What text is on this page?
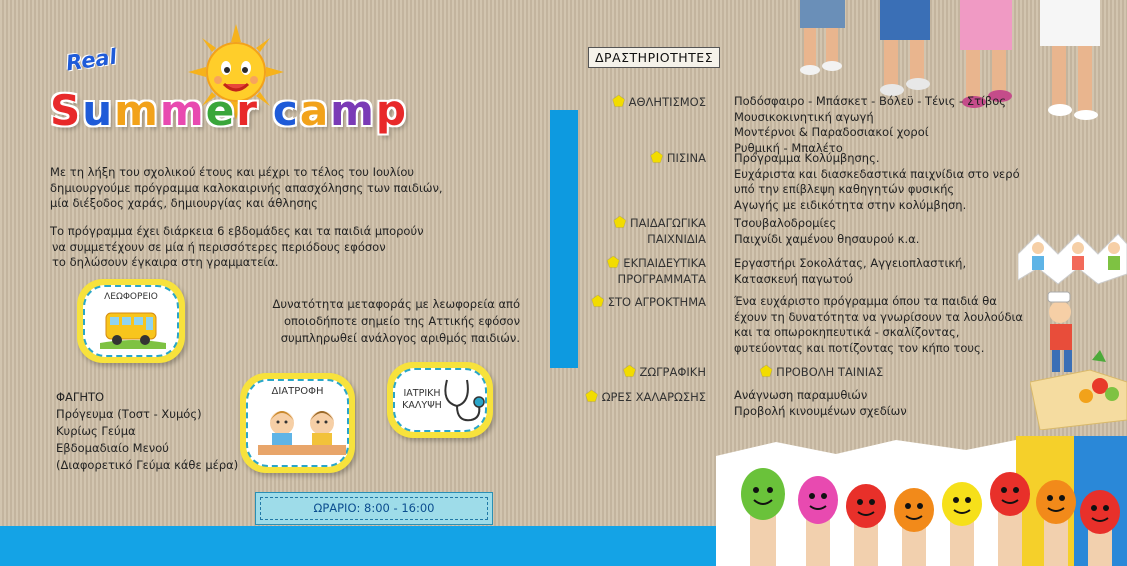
Real
Summer camp
Με τη λήξη του σχολικού έτους και μέχρι το τέλος του Ιουλίου
δημιουργούμε πρόγραμμα καλοκαιρινής απασχόλησης των παιδιών,
μία διέξοδος χαράς, δημιουργίας και άθλησης
Το πρόγραμμα έχει διάρκεια 6 εβδομάδες και τα παιδιά μπορούν
να συμμετέχουν σε μία ή περισσότερες περιόδους εφόσον
το δηλώσουν έγκαιρα στη γραμματεία.
ΛΕΩΦΟΡΕΙΟ	Δυνατότητα μεταφοράς με λεωφορεία από
οποιοδήποτε σημείο της Αττικής εφόσον
συμπληρωθεί ανάλογος αριθμός παιδιών.
ΦΑΓΗΤΟ
Πρόγευμα (Τοστ - Χυμός)
Κυρίως Γεύμα
Εβδομαδιαίο Μενού
(Διαφορετικό Γεύμα κάθε μέρα)
ΔΙΑΤΡΟΦΗ	ΙΑΤΡΙΚΗ
ΚΑΛΥΨΗ
ΩΡΑΡΙΟ: 8:00 - 16:00
ΔΡΑΣΤΗΡΙΟΤΗΤΕΣ
⬟ ΑΘΛΗΤΙΣΜΟΣ
⬟ ΠΙΣΙΝΑ
⬟ ΠΑΙΔΑΓΩΓΙΚΑ
ΠΑΙΧΝΙΔΙΑ
⬟ ΕΚΠΑΙΔΕΥΤΙΚΑ
ΠΡΟΓΡΑΜΜΑΤΑ
⬟ ΣΤΟ ΑΓΡΟΚΤΗΜΑ
⬟ ΖΩΓΡΑΦΙΚΗ
⬟ ΩΡΕΣ ΧΑΛΑΡΩΣΗΣ
Ποδόσφαιρο - Μπάσκετ - Βόλεϋ - Τένις - Στίβος
Μουσικοκινητική αγωγή
Μοντέρνοι & Παραδοσιακοί χοροί
Ρυθμική - Μπαλέτο
Πρόγραμμα Κολύμβησης.
Ευχάριστα και διασκεδαστικά παιχνίδια στο νερό
υπό την επίβλεψη καθηγητών φυσικής
Αγωγής με ειδικότητα στην κολύμβηση.
Τσουβαλοδρομίες
Παιχνίδι χαμένου θησαυρού κ.α.
Εργαστήρι Σοκολάτας, Αγγειοπλαστική,
Κατασκευή παγωτού
Ένα ευχάριστο πρόγραμμα όπου τα παιδιά θα
έχουν τη δυνατότητα να γνωρίσουν τα λουλούδια
και τα οπωροκηπευτικά - σκαλίζοντας,
φυτεύοντας και ποτίζοντας τον κήπο τους.
⬟ ΠΡΟΒΟΛΗ ΤΑΙΝΙΑΣ
Ανάγνωση παραμυθιών
Προβολή κινουμένων σχεδίων
